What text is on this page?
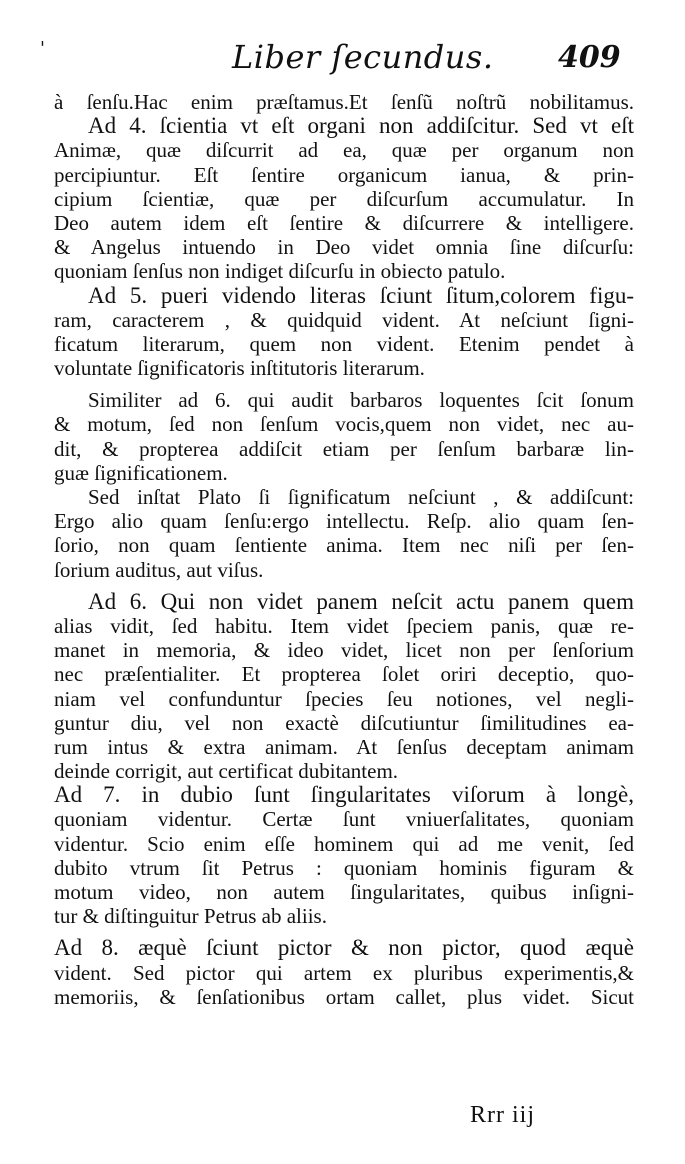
'	Liber ſecundus. 409
à ſenſu.Hac enim præſtamus.Et ſenſũ noſtrũ nobilitamus.
Ad 4. ſcientia vt eſt organi non addiſcitur. Sed vt eſt
Animæ, quæ diſcurrit ad ea, quæ per organum non
percipiuntur. Eſt ſentire organicum ianua, & prin-
cipium ſcientiæ, quæ per diſcurſum accumulatur. In
Deo autem idem eſt ſentire & diſcurrere & intelligere.
& Angelus intuendo in Deo videt omnia ſine diſcurſu:
quoniam ſenſus non indiget diſcurſu in obiecto patulo.
Ad 5. pueri videndo literas ſciunt ſitum,colorem figu-
ram, caracterem , & quidquid vident. At neſciunt ſigni-
ficatum literarum, quem non vident. Etenim pendet à
voluntate ſignificatoris inſtitutoris literarum.
Similiter ad 6. qui audit barbaros loquentes ſcit ſonum
& motum, ſed non ſenſum vocis,quem non videt, nec au-
dit, & propterea addiſcit etiam per ſenſum barbaræ lin-
guæ ſignificationem.
Sed inſtat Plato ſi ſignificatum neſciunt , & addiſcunt:
Ergo alio quam ſenſu:ergo intellectu. Reſp. alio quam ſen-
ſorio, non quam ſentiente anima. Item nec niſi per ſen-
ſorium auditus, aut viſus.
Ad 6. Qui non videt panem neſcit actu panem quem
alias vidit, ſed habitu. Item videt ſpeciem panis, quæ re-
manet in memoria, & ideo videt, licet non per ſenſorium
nec præſentialiter. Et propterea ſolet oriri deceptio, quo-
niam vel confunduntur ſpecies ſeu notiones, vel negli-
guntur diu, vel non exactè diſcutiuntur ſimilitudines ea-
rum intus & extra animam. At ſenſus deceptam animam
deinde corrigit, aut certificat dubitantem.
Ad 7. in dubio ſunt ſingularitates viſorum à longè,
quoniam videntur. Certæ ſunt vniuerſalitates, quoniam
videntur. Scio enim eſſe hominem qui ad me venit, ſed
dubito vtrum ſit Petrus : quoniam hominis figuram &
motum video, non autem ſingularitates, quibus inſigni-
tur & diſtinguitur Petrus ab aliis.
Ad 8. æquè ſciunt pictor & non pictor, quod æquè
vident. Sed pictor qui artem ex pluribus experimentis,&
memoriis, & ſenſationibus ortam callet, plus videt. Sicut
Rrr iij
